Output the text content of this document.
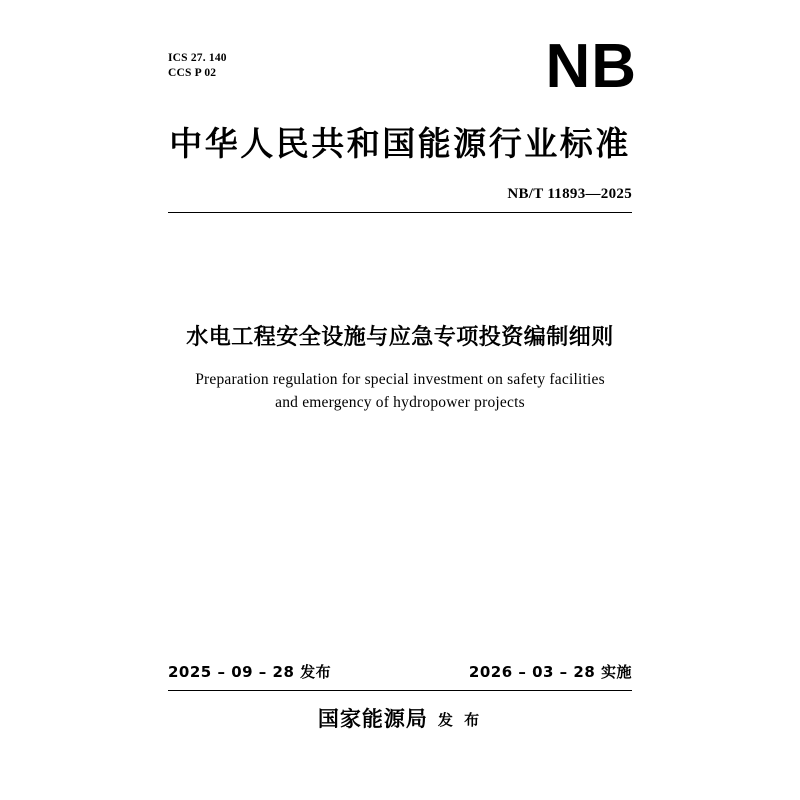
ICS 27. 140
CCS P 02	NB
中华人民共和国能源行业标准
NB/T 11893—2025
水电工程安全设施与应急专项投资编制细则
Preparation regulation for special investment on safety facilities
and emergency of hydropower projects
2025 – 09 – 28 发布	2026 – 03 – 28 实施
国家能源局 发 布
